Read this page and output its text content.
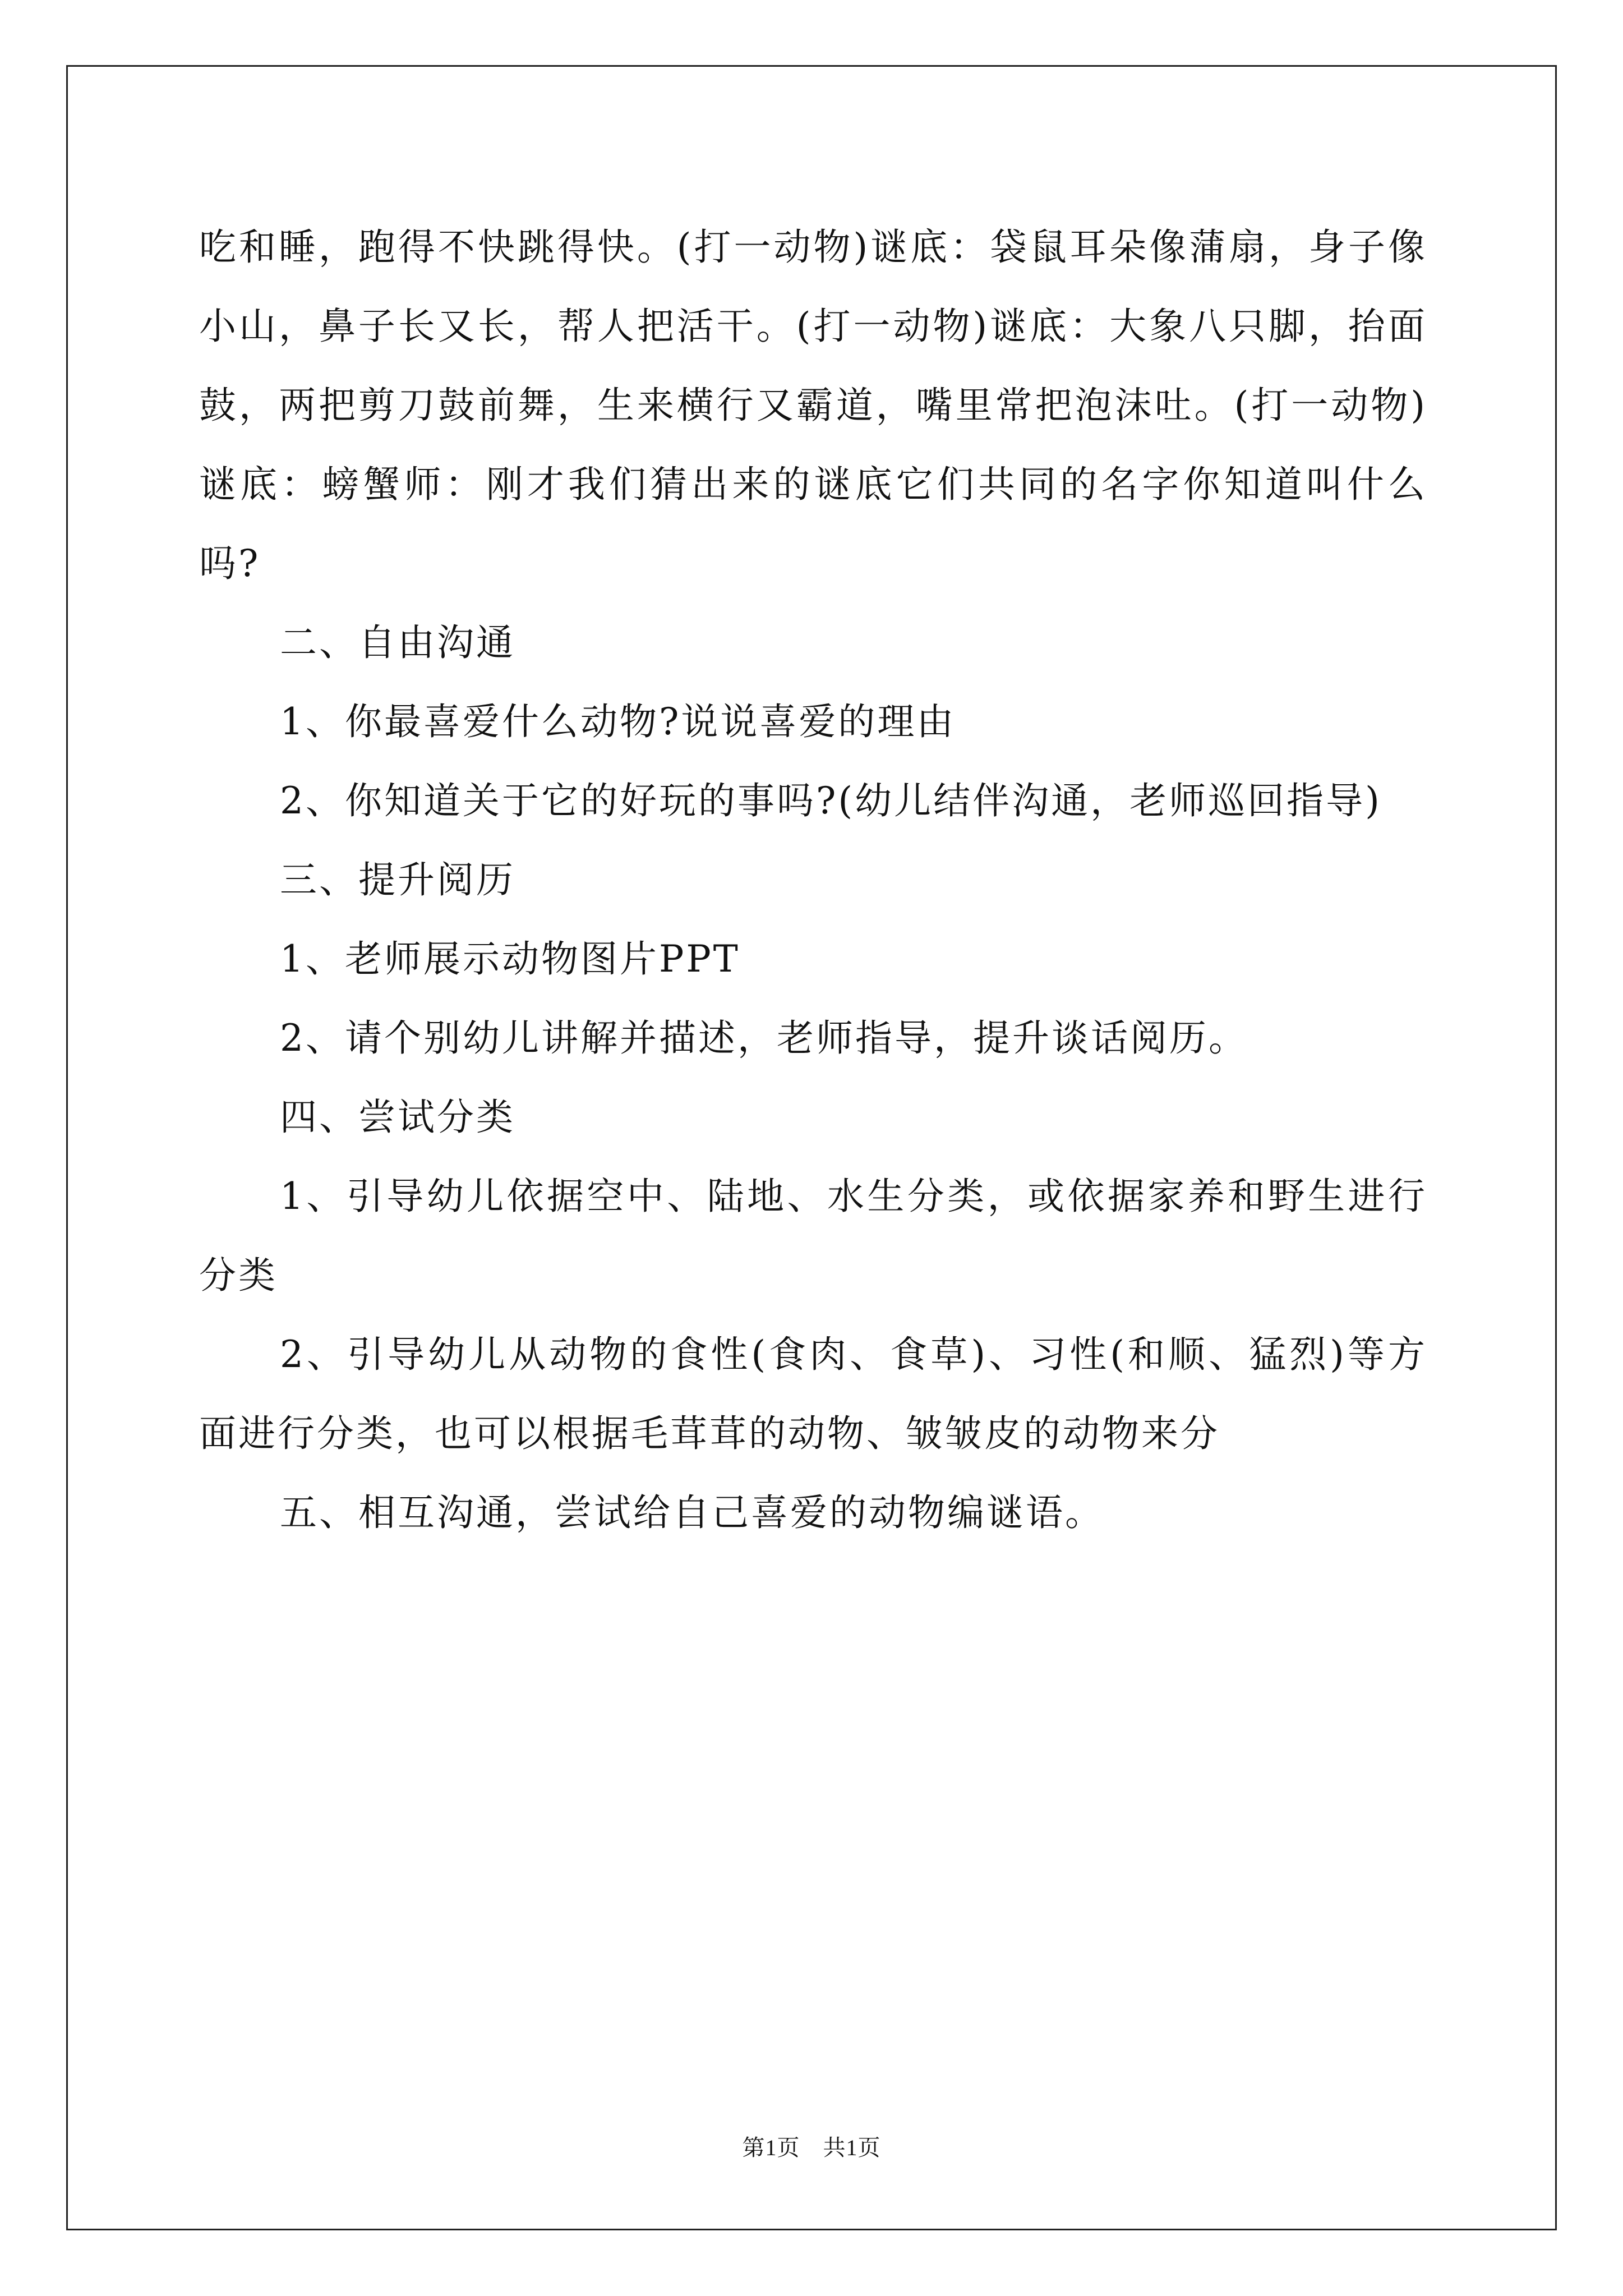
吃和睡，跑得不快跳得快。(打一动物)谜底：袋鼠耳朵像蒲扇，身子像小山，鼻子长又长，帮人把活干。(打一动物)谜底：大象八只脚，抬面鼓，两把剪刀鼓前舞，生来横行又霸道，嘴里常把泡沫吐。(打一动物)谜底：螃蟹师：刚才我们猜出来的谜底它们共同的名字你知道叫什么吗?

二、自由沟通

1、你最喜爱什么动物?说说喜爱的理由

2、你知道关于它的好玩的事吗?(幼儿结伴沟通，老师巡回指导)

三、提升阅历

1、老师展示动物图片PPT

2、请个别幼儿讲解并描述，老师指导，提升谈话阅历。

四、尝试分类

1、引导幼儿依据空中、陆地、水生分类，或依据家养和野生进行分类

2、引导幼儿从动物的食性(食肉、食草)、习性(和顺、猛烈)等方面进行分类，也可以根据毛茸茸的动物、皱皱皮的动物来分

五、相互沟通，尝试给自己喜爱的动物编谜语。

第1页　共1页
